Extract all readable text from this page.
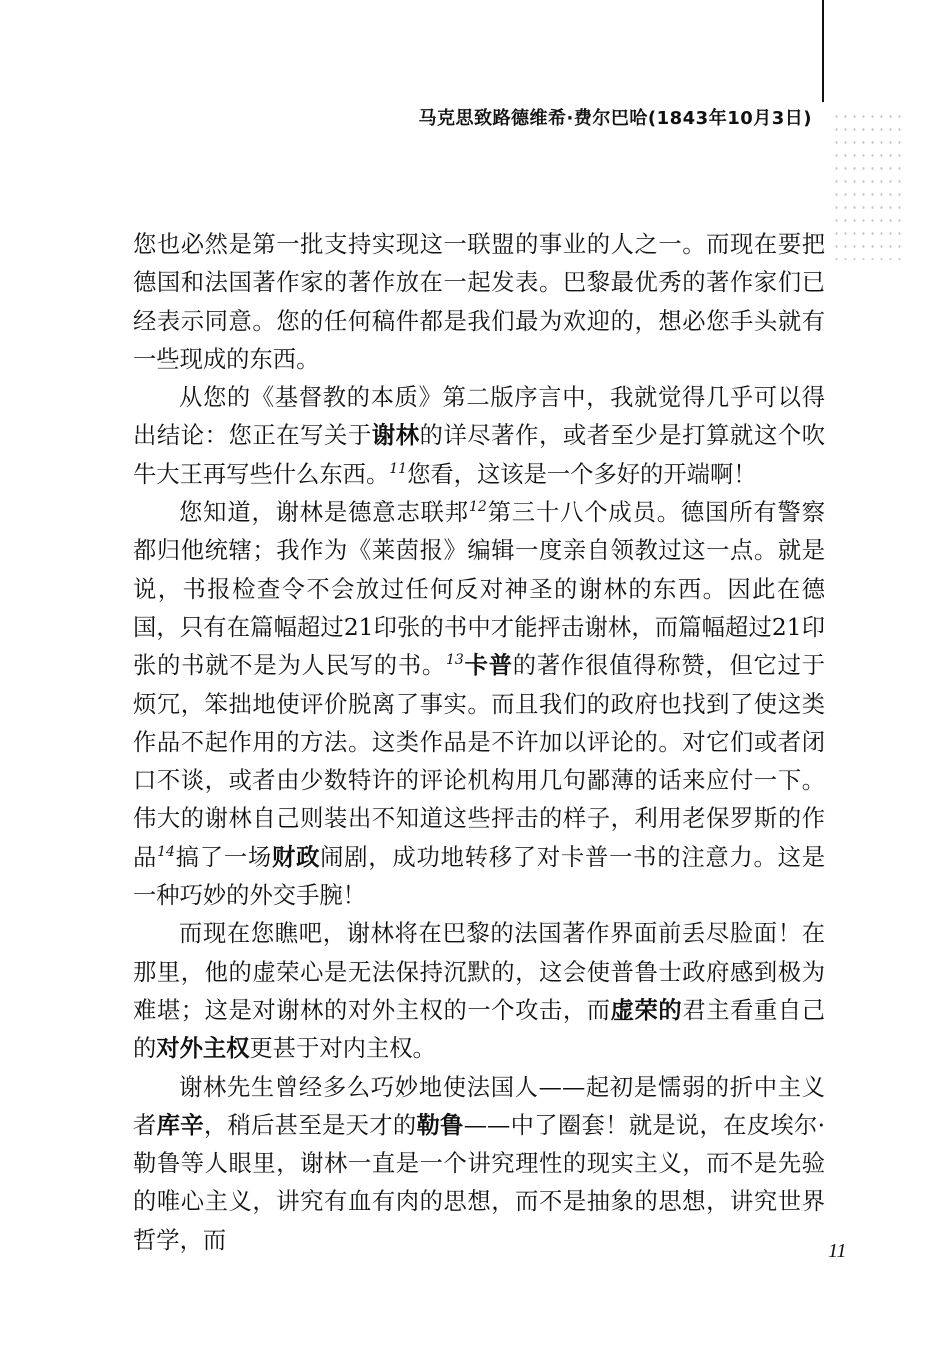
马克思致路德维希·费尔巴哈(1843年10月3日)

您也必然是第一批支持实现这一联盟的事业的人之一。而现在要把德国和法国著作家的著作放在一起发表。巴黎最优秀的著作家们已经表示同意。您的任何稿件都是我们最为欢迎的，想必您手头就有一些现成的东西。

从您的《基督教的本质》第二版序言中，我就觉得几乎可以得出结论：您正在写关于谢林的详尽著作，或者至少是打算就这个吹牛大王再写些什么东西。$^{11}$您看，这该是一个多好的开端啊！

您知道，谢林是德意志联邦$^{12}$第三十八个成员。德国所有警察都归他统辖；我作为《莱茵报》编辑一度亲自领教过这一点。就是说，书报检查令不会放过任何反对神圣的谢林的东西。因此在德国，只有在篇幅超过21印张的书中才能抨击谢林，而篇幅超过21印张的书就不是为人民写的书。$^{13}$卡普的著作很值得称赞，但它过于烦冗，笨拙地使评价脱离了事实。而且我们的政府也找到了使这类作品不起作用的方法。这类作品是不许加以评论的。对它们或者闭口不谈，或者由少数特许的评论机构用几句鄙薄的话来应付一下。伟大的谢林自己则装出不知道这些抨击的样子，利用老保罗斯的作品$^{14}$搞了一场财政闹剧，成功地转移了对卡普一书的注意力。这是一种巧妙的外交手腕！

而现在您瞧吧，谢林将在巴黎的法国著作界面前丢尽脸面！在那里，他的虚荣心是无法保持沉默的，这会使普鲁士政府感到极为难堪；这是对谢林的对外主权的一个攻击，而虚荣的君主看重自己的对外主权更甚于对内主权。

谢林先生曾经多么巧妙地使法国人——起初是懦弱的折中主义者库辛，稍后甚至是天才的勒鲁——中了圈套！就是说，在皮埃尔·勒鲁等人眼里，谢林一直是一个讲究理性的现实主义，而不是先验的唯心主义，讲究有血有肉的思想，而不是抽象的思想，讲究世界哲学，而	11
